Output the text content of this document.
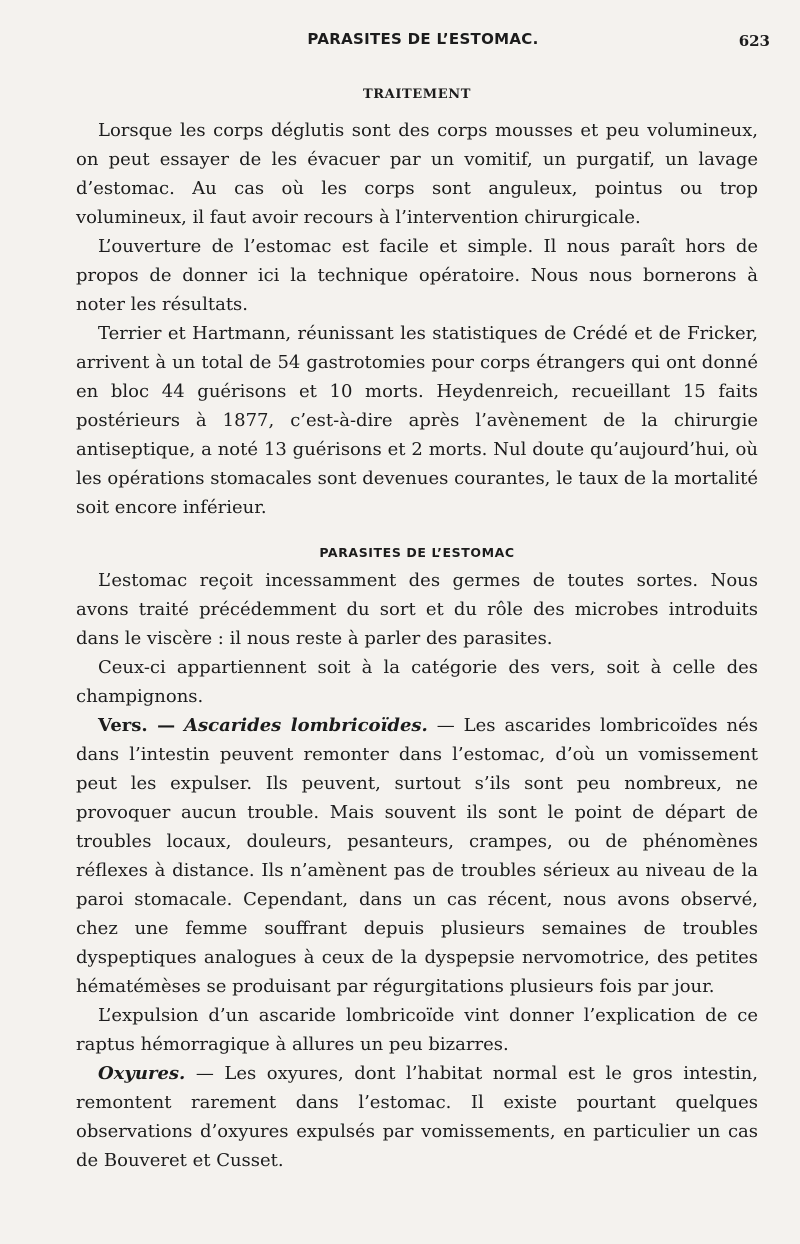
PARASITES DE L’ESTOMAC.	623
TRAITEMENT

Lorsque les corps déglutis sont des corps mousses et peu volumineux, on peut essayer de les évacuer par un vomitif, un purgatif, un lavage d’estomac. Au cas où les corps sont anguleux, pointus ou trop volumineux, il faut avoir recours à l’intervention chirurgicale.

L’ouverture de l’estomac est facile et simple. Il nous paraît hors de propos de donner ici la technique opératoire. Nous nous bornerons à noter les résultats.

Terrier et Hartmann, réunissant les statistiques de Crédé et de Fricker, arrivent à un total de 54 gastrotomies pour corps étrangers qui ont donné en bloc 44 guérisons et 10 morts. Heydenreich, recueillant 15 faits postérieurs à 1877, c’est-à-dire après l’avènement de la chirurgie antiseptique, a noté 13 guérisons et 2 morts. Nul doute qu’aujourd’hui, où les opérations stomacales sont devenues courantes, le taux de la mortalité soit encore inférieur.

PARASITES DE L’ESTOMAC

L’estomac reçoit incessamment des germes de toutes sortes. Nous avons traité précédemment du sort et du rôle des microbes introduits dans le viscère : il nous reste à parler des parasites.

Ceux-ci appartiennent soit à la catégorie des vers, soit à celle des champignons.

Vers. — Ascarides lombricoïdes. — Les ascarides lombricoïdes nés dans l’intestin peuvent remonter dans l’estomac, d’où un vomissement peut les expulser. Ils peuvent, surtout s’ils sont peu nombreux, ne provoquer aucun trouble. Mais souvent ils sont le point de départ de troubles locaux, douleurs, pesanteurs, crampes, ou de phénomènes réflexes à distance. Ils n’amènent pas de troubles sérieux au niveau de la paroi stomacale. Cependant, dans un cas récent, nous avons observé, chez une femme souffrant depuis plusieurs semaines de troubles dyspeptiques analogues à ceux de la dyspepsie nervomotrice, des petites hématémèses se produisant par régurgitations plusieurs fois par jour.

L’expulsion d’un ascaride lombricoïde vint donner l’explication de ce raptus hémorragique à allures un peu bizarres.

Oxyures. — Les oxyures, dont l’habitat normal est le gros intestin, remontent rarement dans l’estomac. Il existe pourtant quelques observations d’oxyures expulsés par vomissements, en particulier un cas de Bouveret et Cusset.
